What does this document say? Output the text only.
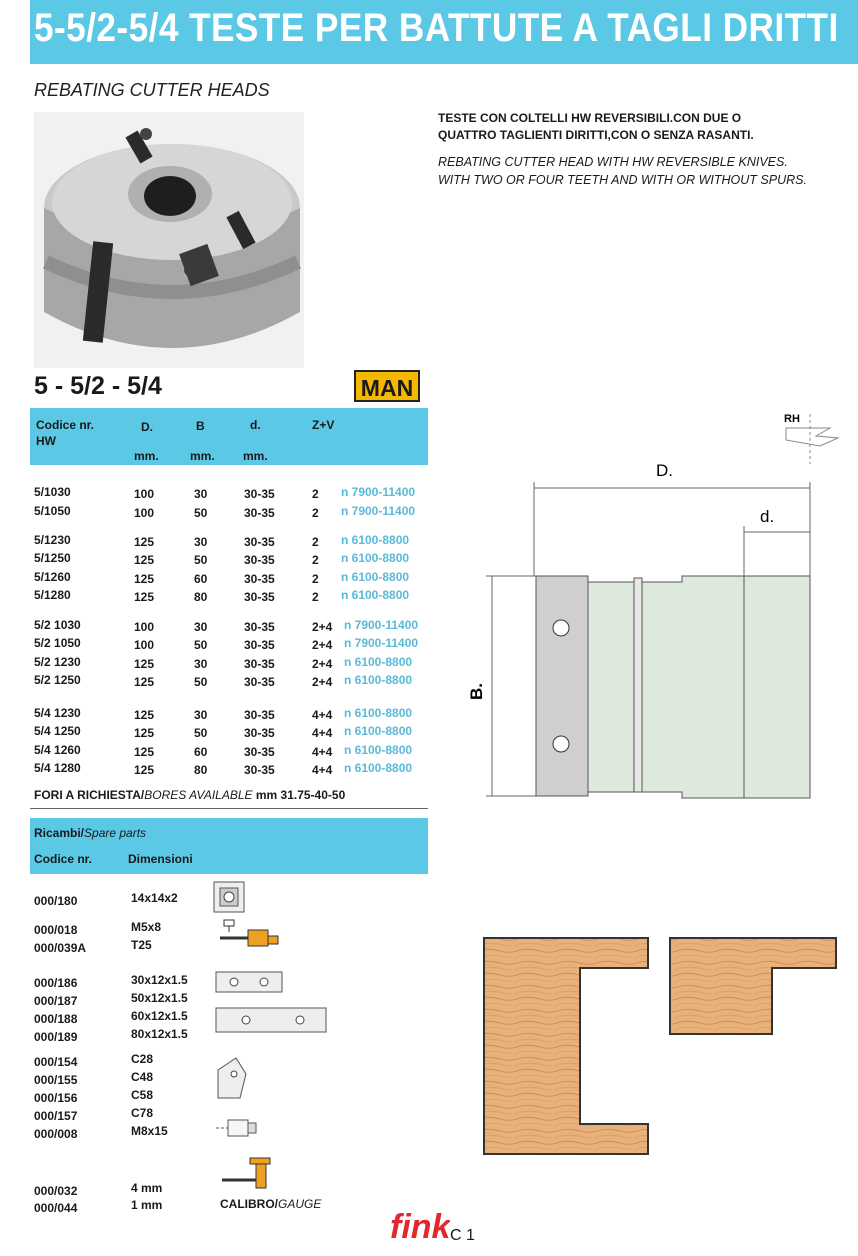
5-5/2-5/4 TESTE PER BATTUTE A TAGLI DRITTI
REBATING CUTTER HEADS
TESTE CON COLTELLI HW REVERSIBILI.CON DUE O
QUATTRO TAGLIENTI DIRITTI,CON O SENZA RASANTI.
REBATING CUTTER HEAD WITH HW REVERSIBLE KNIVES.
WITH TWO OR FOUR TEETH AND WITH OR WITHOUT SPURS.
5 - 5/2 - 5/4	MAN
Codice nr.
HW
D.	B	d.	Z+V
mm.	mm. mm.
5/1030	100	30	30-35	2 n 7900-11400
5/1050	100	50	30-35	2 n 7900-11400
5/1230	125	30	30-35	2 n 6100-8800
5/1250	125	50	30-35	2 n 6100-8800
5/1260	125	60	30-35	2 n 6100-8800
5/1280	125	80	30-35	2 n 6100-8800
5/2 1030	100	30	30-35	2+4 n 7900-11400
5/2 1050	100	50	30-35	2+4 n 7900-11400
5/2 1230	125	30	30-35	2+4 n 6100-8800
5/2 1250	125	50	30-35	2+4 n 6100-8800
5/4 1230	125	30	30-35	4+4 n 6100-8800
5/4 1250	125	50	30-35	4+4 n 6100-8800
5/4 1260	125	60	30-35	4+4 n 6100-8800
5/4 1280	125	80	30-35	4+4 n 6100-8800
FORI A RICHIESTA/BORES AVAILABLE mm 31.75-40-50
Ricambi/Spare parts
Codice nr.	Dimensioni
000/180	14x14x2
000/018	M5x8
000/039A	T25
000/186	30x12x1.5
000/187	50x12x1.5
000/188	60x12x1.5
000/189	80x12x1.5
000/154	C28
000/155	C48
000/156	C58
000/157	C78
000/008	M8x15
000/032	4 mm
000/044	1 mm	CALIBRO/GAUGE
RH
D.
d.
B.
fink C 1
